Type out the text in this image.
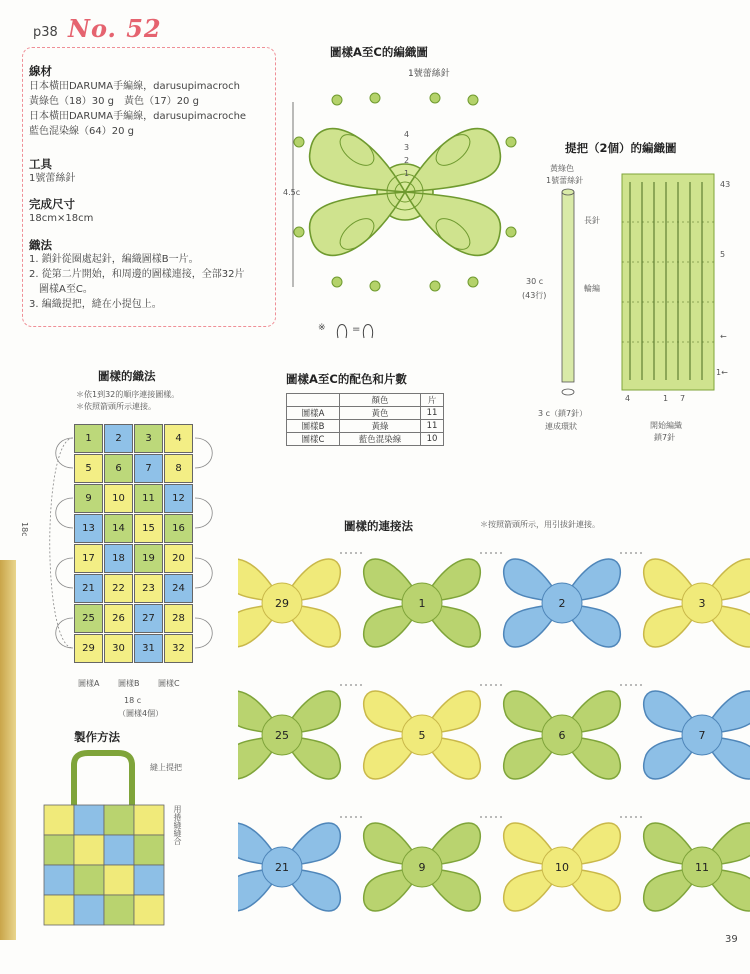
p38 No. 52
39
線材
日本橫田DARUMA手編線，darusupimacroch
黃綠色（18）30 g　黃色（17）20 g
日本橫田DARUMA手編線，darusupimacroche
藍色混染線（64）20 g
工具
1號蕾絲針
完成尺寸
18cm×18cm
織法
1. 鎖針從圈處起針，編織圖樣B一片。
2. 從第二片開始，和周邊的圖樣連接，全部32片
圖樣A至C。
3. 編織提把，縫在小提包上。
圖樣A至C的編織圖
1號蕾絲針
4.5c
4
3
2
1
※	=
提把（2個）的編織圖
黃綠色
1號蕾絲針
長針
輪編
30 c
(43行)
3 c（鎖7針）
連成環狀
43
5
←
1←
4	1 7
開始編織
鎖7針
圖樣A至C的配色和片數
	顏色	片
圖樣A	黃色	11
圖樣B	黃綠	11
圖樣C	藍色混染線	10
圖樣的織法
＊依1到32的順序連接圖樣。
＊依照箭頭所示連接。
1	2	3	4
5	6	7	8
9	10	11	12
13	14	15	16
17	18	19	20
21	22	23	24
25	26	27	28
29	30	31	32
18c
圖樣A 圖樣B 圖樣C
18 c
（圖樣4個）
製作方法
縫上提把
用捲縫縫合
圖樣的連接法	＊按照箭頭所示，用引拔針連接。
29	1	2	3
25	5	6	7
21	9	10	11
